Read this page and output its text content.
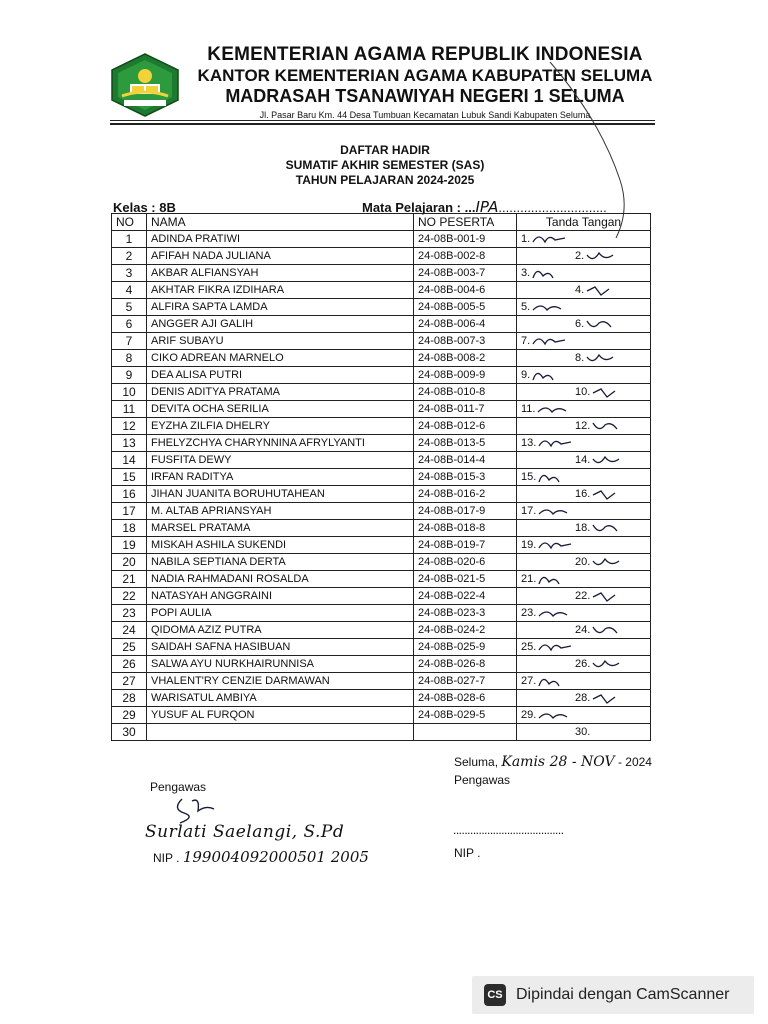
KEMENTERIAN AGAMA REPUBLIK INDONESIA
KANTOR KEMENTERIAN AGAMA KABUPATEN SELUMA
MADRASAH TSANAWIYAH NEGERI 1 SELUMA
Jl. Pasar Baru Km. 44 Desa Tumbuan Kecamatan Lubuk Sandi Kabupaten Seluma
DAFTAR HADIR
SUMATIF AKHIR SEMESTER (SAS)
TAHUN PELAJARAN 2024-2025
Kelas : 8B	Mata Pelajaran : ...IPA..............................
NO	NAMA	NO PESERTA	Tanda Tangan
1	ADINDA PRATIWI	24-08B-001-9	1.

2	AFIFAH NADA JULIANA	24-08B-002-8	2.

3	AKBAR ALFIANSYAH	24-08B-003-7	3.

4	AKHTAR FIKRA IZDIHARA	24-08B-004-6	4.

5	ALFIRA SAPTA LAMDA	24-08B-005-5	5.

6	ANGGER AJI GALIH	24-08B-006-4	6.

7	ARIF SUBAYU	24-08B-007-3	7.

8	CIKO ADREAN MARNELO	24-08B-008-2	8.

9	DEA ALISA PUTRI	24-08B-009-9	9.

10	DENIS ADITYA PRATAMA	24-08B-010-8	10.

11	DEVITA OCHA SERILIA	24-08B-011-7	11.

12	EYZHA ZILFIA DHELRY	24-08B-012-6	12.

13	FHELYZCHYA CHARYNNINA AFRYLYANTI	24-08B-013-5	13.

14	FUSFITA DEWY	24-08B-014-4	14.

15	IRFAN RADITYA	24-08B-015-3	15.

16	JIHAN JUANITA BORUHUTAHEAN	24-08B-016-2	16.

17	M. ALTAB APRIANSYAH	24-08B-017-9	17.

18	MARSEL PRATAMA	24-08B-018-8	18.

19	MISKAH ASHILA SUKENDI	24-08B-019-7	19.

20	NABILA SEPTIANA DERTA	24-08B-020-6	20.

21	NADIA RAHMADANI ROSALDA	24-08B-021-5	21.

22	NATASYAH ANGGRAINI	24-08B-022-4	22.

23	POPI AULIA	24-08B-023-3	23.

24	QIDOMA AZIZ PUTRA	24-08B-024-2	24.

25	SAIDAH SAFNA HASIBUAN	24-08B-025-9	25.

26	SALWA AYU NURKHAIRUNNISA	24-08B-026-8	26.

27	VHALENT'RY CENZIE DARMAWAN	24-08B-027-7	27.

28	WARISATUL AMBIYA	24-08B-028-6	28.

29	YUSUF AL FURQON	24-08B-029-5	29.

30			30.
Seluma, Kamis 28 - NOV - 2024
Pengawas
Pengawas
Surlati Saelangi, S.Pd
NIP . 199004092000501 2005
.......................................
NIP .
CS Dipindai dengan CamScanner
